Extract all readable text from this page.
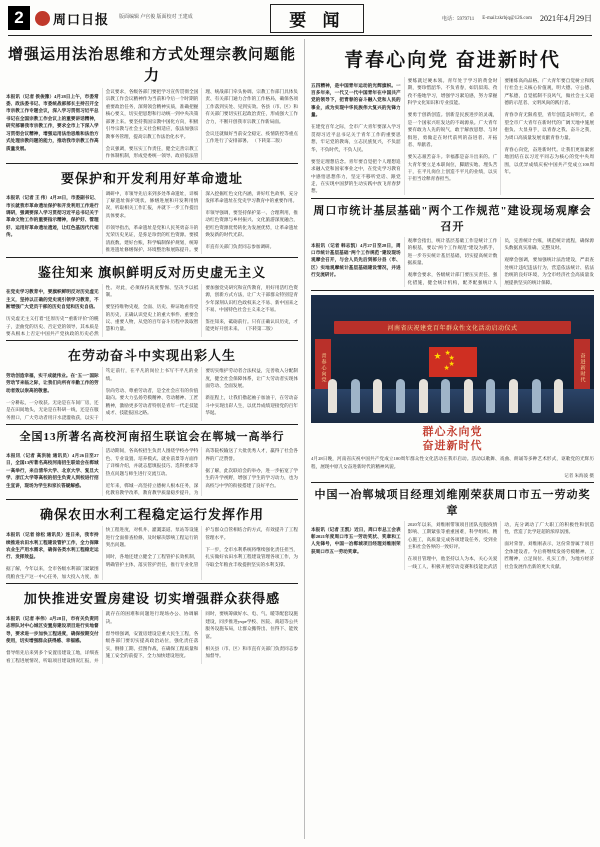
2	周口日报 版面编辑 卢官俊 版面校对 王建成	要 闻	电话：5979711 E-mail:zkrbjq@126.com 2021年4月29日
增强运用法治思维和方式处理宗教问题能力

本报讯（记者 侯俊豫）4月28日上午，市委常委、政法委书记、市委统战部部长主持召开全市宗教工作专题会议，深入学习贯彻习近平总书记在全国宗教工作会议上的重要讲话精神，研究部署我市宗教工作，要求全市上下深入学习贯彻会议精神，增强运用法治思维和法治方式处理宗教问题的能力，推动我市宗教工作高质量发展。

会议要求，各级各部门要把学习宣传贯彻全国宗教工作会议精神作为当前和今后一个时期的重要政治任务，深刻领会精神实质，准确把握核心要义，切实把思想和行动统一到中央决策部署上来。要坚持我国宗教中国化方向，积极引导宗教与社会主义社会相适应，依法加强宗教事务管理，提高宗教工作法治化水平。

会议强调，要压实工作责任，健全完善宗教工作体制机制，形成党委统一领导、政府依法管理、统战部门牵头协调、宗教工作部门具体负责、有关部门通力合作的工作格局，确保各项工作落到实处、见到实效。各县（市、区）和有关部门要切实扛起政治责任，形成强大工作合力，不断开创我市宗教工作新局面。

会议还就做好当前安全稳定、疫情防控等重点工作进行了安排部署。 （下转第二版）

要保护和开发利用好革命遗址

本报讯（记者 王 伟）4月28日，市委副书记、市长就我市革命遗址保护和开发利用工作进行调研，强调要深入学习贯彻习近平总书记关于革命文物工作的重要指示精神，保护好、管理好、运用好革命遗址遗迹，让红色基因代代相传。

调研中，市领导先后来到多处革命遗址，详细了解遗址保护现状、修缮进展和开发利用情况，听取相关工作汇报，并就下一步工作提出具体要求。

市领导指出，革命遗址是党和人民英勇奋斗的光荣历史见证，是弥足珍贵的红色资源。要摸清底数、建好台账，科学编制保护规划，统筹推进遗址修缮保护、环境整治和展陈提升。要深入挖掘红色文化内涵，讲好红色故事，充分发挥革命遗址在党史学习教育中的重要作用。

市领导强调，要坚持保护第一、合理利用，推动红色资源与乡村振兴、文化旅游深度融合，把红色资源优势转化为发展优势，让革命遗址焕发新的时代光彩。

市直有关部门负责同志参加调研。

鉴往知来 旗帜鲜明反对历史虚无主义

在党史学习教育中，要旗帜鲜明反对历史虚无主义，坚持以正确的党史观引领学习教育，不断增强广大党员干部的历史自觉和历史自信。

历史虚无主义打着"还原历史""重新评价"的幌子，歪曲党的历史、否定党的领导，其本质是要从根本上否定中国共产党执政的历史必然性。对此，必须保持高度警惕、坚决予以抵制。

要坚持唯物史观，全面、历史、辩证地看待党的历史，正确认识党史上的重大事件、重要会议、重要人物，从党的百年奋斗历程中汲取智慧和力量。

要加强党史研究和宣传教育，用好用活红色资源，创新方式方法，让广大干部群众特别是青少年深刻认识红色政权来之不易、新中国来之不易、中国特色社会主义来之不易。

鉴往知来，砥砺前行。只有正确认识历史，才能更好开创未来。 （下转第二版）

在劳动奋斗中实现出彩人生

劳动创造幸福，实干成就伟业。在"五一"国际劳动节来临之际，让我们向所有辛勤工作的劳动者致以崇高的敬意。

一分耕耘，一分收获。无论是在车间厂房，还是在田间地头，无论是在科研一线，还是在服务窗口，广大劳动者用汗水浇灌收获，以实干笃定前行，在平凡的岗位上书写不平凡的业绩。

崇尚劳动、尊重劳动者，是全社会应有的价值取向。要大力弘扬劳模精神、劳动精神、工匠精神，激励更多劳动者特别是青年一代走技能成才、技能报国之路。

要切实维护劳动者合法权益，完善收入分配制度，健全社会保障体系，让广大劳动者实现体面劳动、全面发展。

新征程上，让我们撸起袖子加油干，在劳动奋斗中实现出彩人生，以优异成绩迎接党的百年华诞。

全国13所著名高校河南招生联谊会在郸城一高举行

本报讯（记者 高洪驰 通讯员）4月26日至27日，全国13所著名高校河南招生联谊会在郸城一高举行，来自清华大学、北京大学、复旦大学、浙江大学等高校的招生负责人到校进行招生宣讲，现场为学生和家长答疑解惑。

活动期间，各高校招生负责人围绕学校办学特色、专业设置、培养模式、就业前景等方面作了详细介绍，并就志愿填报技巧、选科要求等热点问题与师生进行交流互动。

近年来，郸城一高坚持立德树人根本任务，深化教育教学改革，教育教学质量稳步提升，为高等院校输送了大批优秀人才，赢得了社会各界的广泛赞誉。

据了解，此次联谊会的举办，进一步拓宽了学生的升学视野，增强了学生的学习动力，也为高校与中学的衔接搭建了良好平台。

确保农田水利工程稳定运行发挥作用

本报讯（记者 徐松 通讯员）连日来，我市持续推进农田水利工程建设管护工作，全力保障农业生产用水需求，确保各类水利工程稳定运行、发挥效益。

据了解，今年以来，全市各级水利部门紧紧围绕粮食生产这一中心任务，加大投入力度，加快工程进度，对机井、灌溉渠道、泵站等设施进行全面排查检修，及时解决影响工程运行的突出问题。

同时，各地还建立健全了工程管护长效机制，明确管护主体，落实管护责任，推行专业化管护与群众自管相结合的方式，有效提升了工程管理水平。

下一步，全市水利系统将继续强化责任担当，扎实做好农田水利工程建设管理各项工作，为夺取全年粮食丰收提供坚实的水利支撑。

加快推进安置房建设 切实增强群众获得感

本报讯（记者 李伟）4月28日，市有关负责同志带队对中心城区安置房建设项目进行实地督导，要求进一步加快工程进度，确保按期交付使用，切实增强群众获得感、幸福感。

督导组先后来到多个安置房建设工地，详细查看工程进展情况，听取项目建设情况汇报，并就存在的困难和问题进行现场办公、协调解决。

督导组强调，安置房建设是重大民生工程，各级各部门要切实提高政治站位，强化责任落实，倒排工期、挂图作战，在确保工程质量和施工安全的前提下，全力加快建设进度。

同时，要统筹做好水、电、气、暖等配套设施建设，同步推进учре学校、医院、商超等公共服务设施布局，让群众搬得出、住得下、能致富。

相关县（市、区）和市直有关部门负责同志参加督导。

青春心向党 奋进新时代

五四精神，是中国青年运动的光辉旗帜。一百多年来，一代又一代中国青年在中国共产党的领导下，把青春的奋斗融入党和人民的事业，成为实现中华民族伟大复兴的先锋力量。

在建党百年之际，全市广大青年要深入学习贯彻习近平总书记关于青年工作的重要思想，牢记党的教诲，立志民族复兴，不负韶华，不负时代，不负人民。

要坚定理想信念。青年要自觉把个人理想追求融入党和国家事业之中，在党史学习教育中感悟思想伟力，坚定不移听党话、跟党走，在实现中国梦的生动实践中放飞青春梦想。

要练就过硬本领。青年处于学习的黄金时期，要珍惜韶华、不负青春，如饥似渴、孜孜不倦地学习，增强学习紧迫感，努力掌握科学文化知识和专业技能。

要勇于创新创造。创新是民族进步的灵魂，是一个国家兴旺发达的不竭源泉。广大青年要有敢为人先的锐气，敢于解放思想、与时俱进，勇做走在时代前列的奋进者、开拓者、奉献者。

要矢志艰苦奋斗。幸福都是奋斗出来的。广大青年要立足本职岗位，脚踏实地、埋头苦干，在平凡岗位上创造不平凡的业绩，以实干担当诠释青春担当。

要锤炼高尚品格。广大青年要自觉树立和践行社会主义核心价值观，明大德、守公德、严私德，自觉抵制不良风气，做社会主义道德的示范者、文明风尚的践行者。

青春孕育无限希望，青年创造美好明天。希望全市广大青年在新时代的广阔天地中施展抱负、大显身手，以青春之我、奋斗之我，为周口高质量发展贡献青春力量。

青春心向党，奋进新时代。让我们更加紧密地团结在以习近平同志为核心的党中央周围，以优异成绩庆祝中国共产党成立100周年。

周口市统计基层基础"两个工作规范"建设现场观摩会召开

本报讯（记者 韩志凯）4月27日至28日，周口市统计基层基础"两个工作规范"建设现场观摩会召开，与会人员先后到部分县（市、区）实地观摩统计基层基础建设情况，并进行交流研讨。

观摩会指出，统计基层基础工作是统计工作的根基，要以"两个工作规范"建设为抓手，进一步夯实统计基层基础，切实提高统计数据质量。

观摩会要求，各级统计部门要压实责任、强化措施，健全统计机构，配齐配强统计人员，完善统计台账，规范统计流程，确保源头数据真实准确、完整及时。

观摩会强调，要加强统计法治建设，严肃查处统计违纪违法行为，营造依法统计、依法治统的良好环境，为全市经济社会高质量发展提供坚实的统计保障。

河南省庆祝建党百年群众性文化活动启动仪式
青春心向党	奋进新时代
★ ★
★
★
★
群心永向党
奋进新时代
4月28日晚，河南省庆祝中国共产党成立100周年群众性文化活动在我市启动。活动以歌舞、戏曲、朗诵等多种艺术形式，讴歌党的光辉历程，展现中原儿女奋进新时代的精神风貌。
记者 朱海波 摄
中国一冶郸城项目经理刘维刚荣获周口市五一劳动奖章

本报讯（记者 王凯）近日，周口市总工会表彰2021年度周口市五一劳动奖状、奖章和工人先锋号，中国一冶郸城项目经理刘维刚荣获周口市五一劳动奖章。

2020年以来，刘维刚带领项目团队克服疫情影响、工期紧张等重重困难，科学组织、精心施工，高质量完成各项建设任务，受到业主和社会各界的一致好评。

在项目管理中，他坚持以人为本，关心关爱一线工人，积极开展劳动竞赛和技能比武活动，充分调动了广大职工的积极性和创造性，营造了比学赶超的浓厚氛围。

面对荣誉，刘维刚表示，这份荣誉属于项目全体建设者。今后将继续发扬劳模精神、工匠精神，立足岗位、扎实工作，为地方经济社会发展作出新的更大贡献。
